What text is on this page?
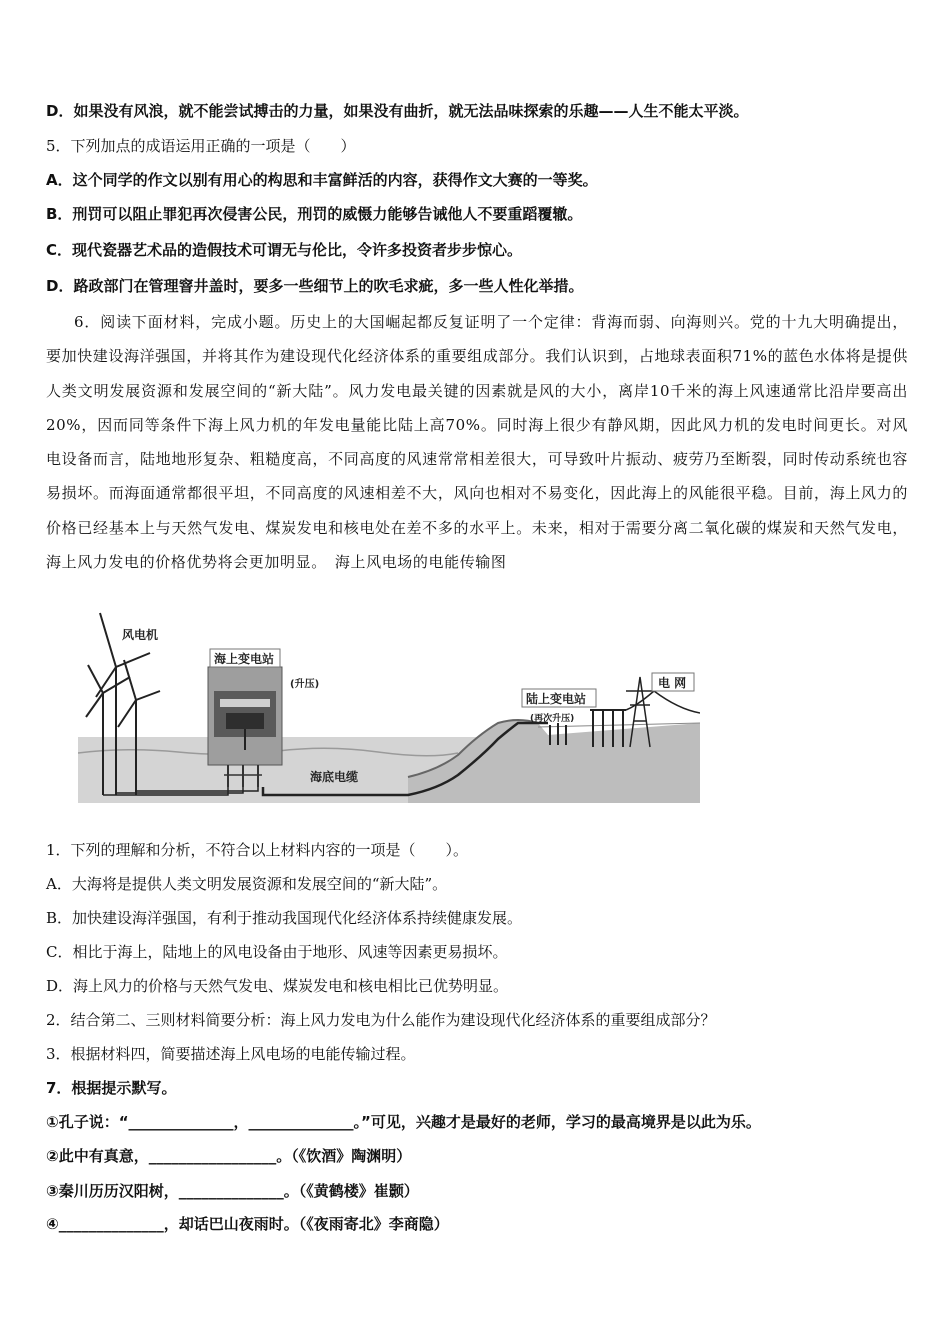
D．如果没有风浪，就不能尝试搏击的力量，如果没有曲折，就无法品味探索的乐趣——人生不能太平淡。
5．下列加点的成语运用正确的一项是（　　）
A．这个同学的作文以别有用心的构思和丰富鲜活的内容，获得作文大赛的一等奖。
B．刑罚可以阻止罪犯再次侵害公民，刑罚的威慑力能够告诫他人不要重蹈覆辙。
C．现代瓷器艺术品的造假技术可谓无与伦比，令许多投资者步步惊心。
D．路政部门在管理窨井盖时，要多一些细节上的吹毛求疵，多一些人性化举措。
6．阅读下面材料，完成小题。历史上的大国崛起都反复证明了一个定律：背海而弱、向海则兴。党的十九大明确提出，要加快建设海洋强国，并将其作为建设现代化经济体系的重要组成部分。我们认识到，占地球表面积71%的蓝色水体将是提供人类文明发展资源和发展空间的“新大陆”。风力发电最关键的因素就是风的大小，离岸10千米的海上风速通常比沿岸要高出20%，因而同等条件下海上风力机的年发电量能比陆上高70%。同时海上很少有静风期，因此风力机的发电时间更长。对风电设备而言，陆地地形复杂、粗糙度高，不同高度的风速常常相差很大，可导致叶片振动、疲劳乃至断裂，同时传动系统也容易损坏。而海面通常都很平坦，不同高度的风速相差不大，风向也相对不易变化，因此海上的风能很平稳。目前，海上风力的价格已经基本上与天然气发电、煤炭发电和核电处在差不多的水平上。未来，相对于需要分离二氧化碳的煤炭和天然气发电，海上风力发电的价格优势将会更加明显。　海上风电场的电能传输图
风电机
海上变电站
(升压)
海底电缆
陆上变电站
(再次升压)
电 网
1．下列的理解和分析，不符合以上材料内容的一项是（　　）。
A．大海将是提供人类文明发展资源和发展空间的“新大陆”。
B．加快建设海洋强国，有利于推动我国现代化经济体系持续健康发展。
C．相比于海上，陆地上的风电设备由于地形、风速等因素更易损坏。
D．海上风力的价格与天然气发电、煤炭发电和核电相比已优势明显。
2．结合第二、三则材料简要分析：海上风力发电为什么能作为建设现代化经济体系的重要组成部分？
3．根据材料四，简要描述海上风电场的电能传输过程。
7．根据提示默写。
①孔子说：“______________，______________。”可见，兴趣才是最好的老师，学习的最高境界是以此为乐。
②此中有真意，_________________。（《饮酒》陶渊明）
③秦川历历汉阳树，______________。（《黄鹤楼》崔颢）
④______________，却话巴山夜雨时。（《夜雨寄北》李商隐）
